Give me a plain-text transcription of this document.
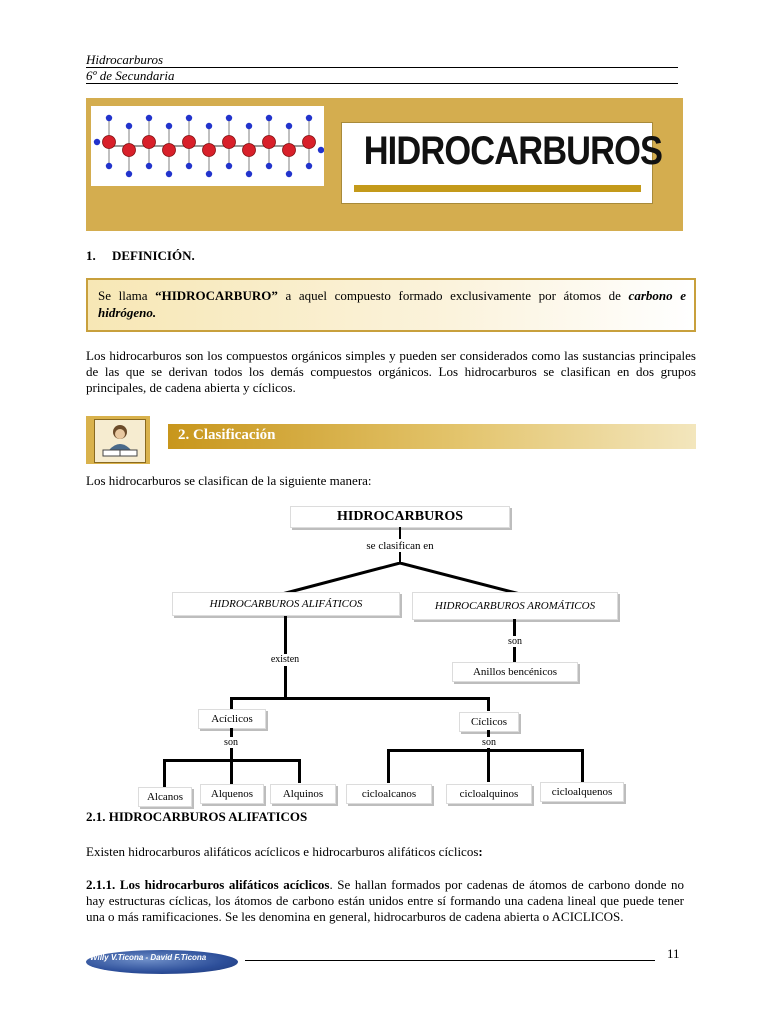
Hidrocarburos
6º de Secundaria
HIDROCARBUROS
1. DEFINICIÓN.
Se llama “HIDROCARBURO” a aquel compuesto formado exclusivamente por átomos de carbono e hidrógeno.
Los hidrocarburos son los compuestos orgánicos simples y pueden ser considerados como las sustancias principales de las que se derivan todos los demás compuestos orgánicos. Los hidrocarburos se clasifican en dos grupos principales, de cadena abierta y cíclicos.
2. Clasificación
Los hidrocarburos se clasifican de la siguiente manera:
HIDROCARBUROS
se clasifican en
HIDROCARBUROS ALIFÁTICOS	HIDROCARBUROS AROMÁTICOS
existen
son
Anillos bencénicos
Acíclicos	Cíclicos
son	son
Alcanos	Alquenos	Alquinos	cicloalcanos	cicloalquinos	cicloalquenos
2.1. HIDROCARBUROS ALIFATICOS
Existen hidrocarburos alifáticos acíclicos e hidrocarburos alifáticos cíclicos:
2.1.1. Los hidrocarburos alifáticos acíclicos. Se hallan formados por cadenas de átomos de carbono donde no hay estructuras cíclicas, los átomos de carbono están unidos entre sí formando una cadena lineal que puede tener una o más ramificaciones. Se les denomina en general, hidrocarburos de cadena abierta o ACICLICOS.
Willy V.Ticona - David F.Ticona	11
